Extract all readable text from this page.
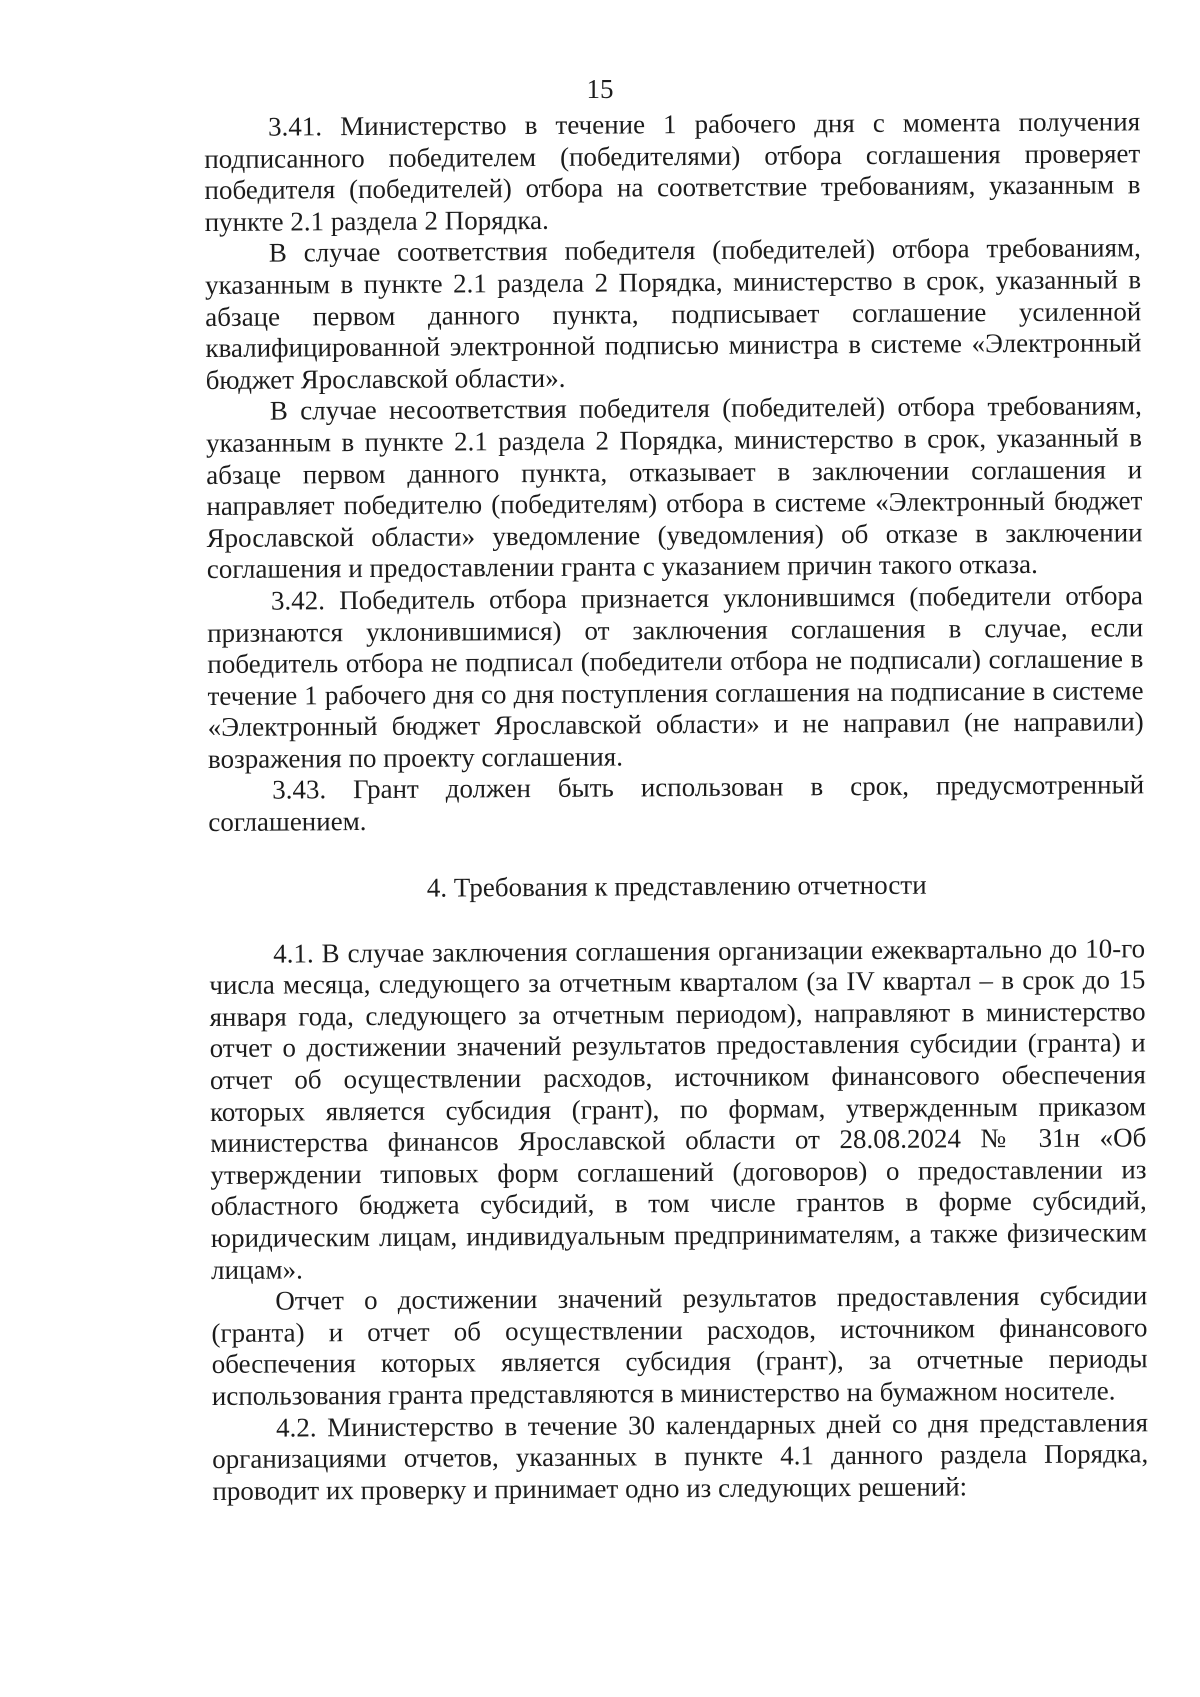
15

3.41. Министерство в течение 1 рабочего дня с момента получения подписанного победителем (победителями) отбора соглашения проверяет победителя (победителей) отбора на соответствие требованиям, указанным в пункте 2.1 раздела 2 Порядка.

В случае соответствия победителя (победителей) отбора требованиям, указанным в пункте 2.1 раздела 2 Порядка, министерство в срок, указанный в абзаце первом данного пункта, подписывает соглашение усиленной квалифицированной электронной подписью министра в системе «Электронный бюджет Ярославской области».

В случае несоответствия победителя (победителей) отбора требованиям, указанным в пункте 2.1 раздела 2 Порядка, министерство в срок, указанный в абзаце первом данного пункта, отказывает в заключении соглашения и направляет победителю (победителям) отбора в системе «Электронный бюджет Ярославской области» уведомление (уведомления) об отказе в заключении соглашения и предоставлении гранта с указанием причин такого отказа.

3.42. Победитель отбора признается уклонившимся (победители отбора признаются уклонившимися) от заключения соглашения в случае, если победитель отбора не подписал (победители отбора не подписали) соглашение в течение 1 рабочего дня со дня поступления соглашения на подписание в системе «Электронный бюджет Ярославской области» и не направил (не направили) возражения по проекту соглашения.

3.43. Грант должен быть использован в срок, предусмотренный соглашением.

4. Требования к представлению отчетности

4.1. В случае заключения соглашения организации ежеквартально до 10-го числа месяца, следующего за отчетным кварталом (за IV квартал – в срок до 15 января года, следующего за отчетным периодом), направляют в министерство отчет о достижении значений результатов предоставления субсидии (гранта) и отчет об осуществлении расходов, источником финансового обеспечения которых является субсидия (грант), по формам, утвержденным приказом министерства финансов Ярославской области от 28.08.2024 № 31н «Об утверждении типовых форм соглашений (договоров) о предоставлении из областного бюджета субсидий, в том числе грантов в форме субсидий, юридическим лицам, индивидуальным предпринимателям, а также физическим лицам».

Отчет о достижении значений результатов предоставления субсидии (гранта) и отчет об осуществлении расходов, источником финансового обеспечения которых является субсидия (грант), за отчетные периоды использования гранта представляются в министерство на бумажном носителе.

4.2. Министерство в течение 30 календарных дней со дня представления организациями отчетов, указанных в пункте 4.1 данного раздела Порядка, проводит их проверку и принимает одно из следующих решений:
